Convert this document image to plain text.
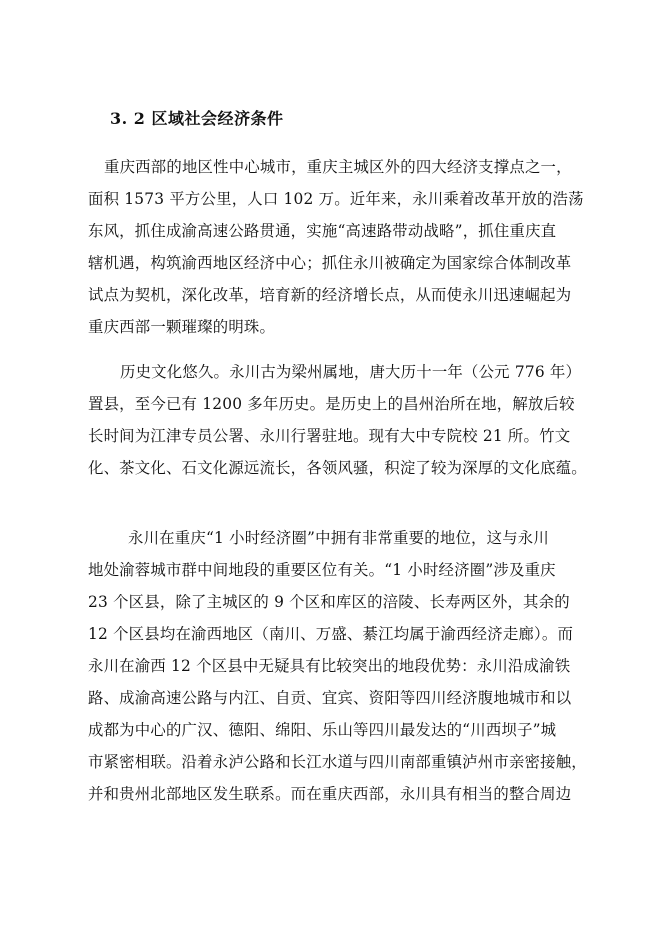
3. 2 区域社会经济条件
重庆西部的地区性中心城市，重庆主城区外的四大经济支撑点之一，
面积 1573 平方公里，人口 102 万。近年来，永川乘着改革开放的浩荡
东风，抓住成渝高速公路贯通，实施“高速路带动战略”，抓住重庆直
辖机遇，构筑渝西地区经济中心；抓住永川被确定为国家综合体制改革
试点为契机，深化改革，培育新的经济增长点，从而使永川迅速崛起为
重庆西部一颗璀璨的明珠。
历史文化悠久。永川古为梁州属地，唐大历十一年（公元 776 年）
置县，至今已有 1200 多年历史。是历史上的昌州治所在地，解放后较
长时间为江津专员公署、永川行署驻地。现有大中专院校 21 所。竹文
化、茶文化、石文化源远流长，各领风骚，积淀了较为深厚的文化底蕴。
永川在重庆“1 小时经济圈”中拥有非常重要的地位，这与永川
地处渝蓉城市群中间地段的重要区位有关。“1 小时经济圈”涉及重庆
23 个区县，除了主城区的 9 个区和库区的涪陵、长寿两区外，其余的
12 个区县均在渝西地区（南川、万盛、綦江均属于渝西经济走廊）。而
永川在渝西 12 个区县中无疑具有比较突出的地段优势：永川沿成渝铁
路、成渝高速公路与内江、自贡、宜宾、资阳等四川经济腹地城市和以
成都为中心的广汉、德阳、绵阳、乐山等四川最发达的“川西坝子”城
市紧密相联。沿着永泸公路和长江水道与四川南部重镇泸州市亲密接触，
并和贵州北部地区发生联系。而在重庆西部，永川具有相当的整合周边
